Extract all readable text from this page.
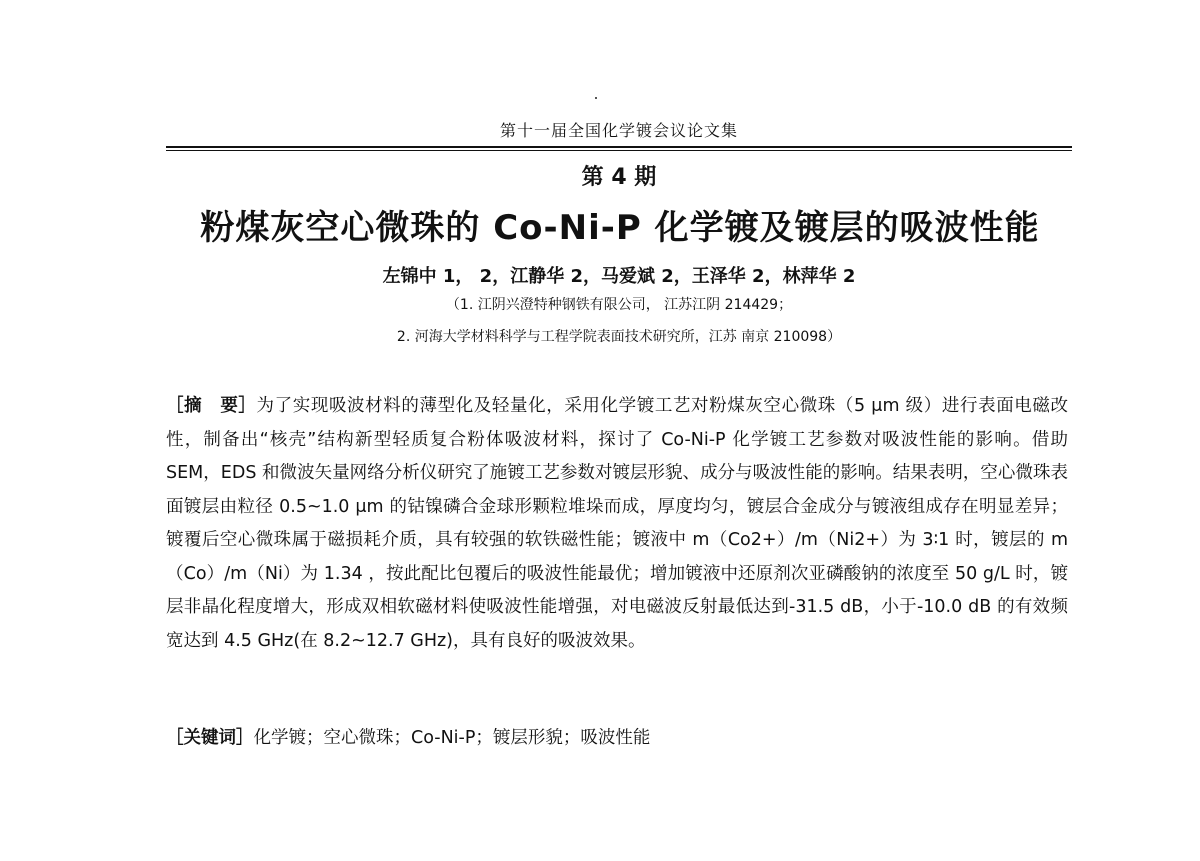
第十一届全国化学镀会议论文集
第 4 期
粉煤灰空心微珠的 Co-Ni-P 化学镀及镀层的吸波性能
左锦中 1， 2，江静华 2，马爱斌 2，王泽华 2，林萍华 2
（1. 江阴兴澄特种钢铁有限公司， 江苏江阴 214429；
2. 河海大学材料科学与工程学院表面技术研究所，江苏 南京 210098）
［摘　要］为了实现吸波材料的薄型化及轻量化，采用化学镀工艺对粉煤灰空心微珠（5 μm 级）进行表面电磁改性，制备出“核壳”结构新型轻质复合粉体吸波材料，探讨了 Co-Ni-P 化学镀工艺参数对吸波性能的影响。借助 SEM，EDS 和微波矢量网络分析仪研究了施镀工艺参数对镀层形貌、成分与吸波性能的影响。结果表明，空心微珠表面镀层由粒径 0.5~1.0 μm 的钴镍磷合金球形颗粒堆垛而成，厚度均匀，镀层合金成分与镀液组成存在明显差异；镀覆后空心微珠属于磁损耗介质，具有较强的软铁磁性能；镀液中 m（Co2+）/m（Ni2+）为 3∶1 时，镀层的 m（Co）/m（Ni）为 1.34 ，按此配比包覆后的吸波性能最优；增加镀液中还原剂次亚磷酸钠的浓度至 50 g/L 时，镀层非晶化程度增大，形成双相软磁材料使吸波性能增强，对电磁波反射最低达到-31.5 dB，小于-10.0 dB 的有效频宽达到 4.5 GHz(在 8.2~12.7 GHz)，具有良好的吸波效果。
［关键词］化学镀；空心微珠；Co-Ni-P；镀层形貌；吸波性能
